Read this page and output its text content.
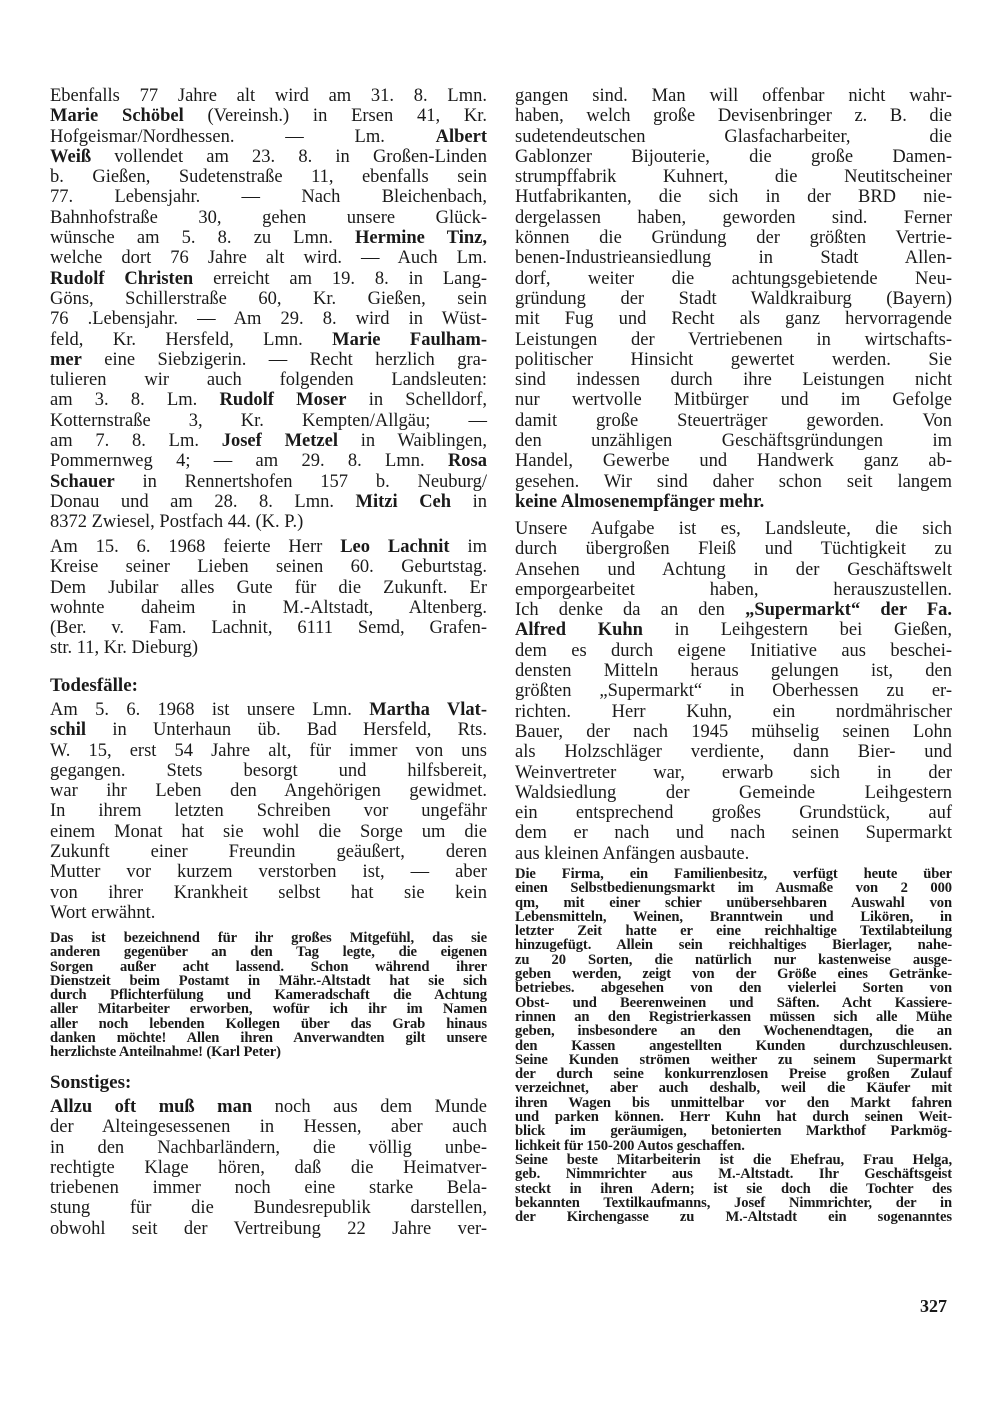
Ebenfalls 77 Jahre alt wird am 31. 8. Lmn.
Marie Schöbel (Vereinsh.) in Ersen 41, Kr.
Hofgeismar/Nordhessen. — Lm. Albert
Weiß vollendet am 23. 8. in Großen-Linden
b. Gießen, Sudetenstraße 11, ebenfalls sein
77. Lebensjahr. — Nach Bleichenbach,
Bahnhofstraße 30, gehen unsere Glück-
wünsche am 5. 8. zu Lmn. Hermine Tinz,
welche dort 76 Jahre alt wird. — Auch Lm.
Rudolf Christen erreicht am 19. 8. in Lang-
Göns, Schillerstraße 60, Kr. Gießen, sein
76 .Lebensjahr. — Am 29. 8. wird in Wüst-
feld, Kr. Hersfeld, Lmn. Marie Faulham-
mer eine Siebzigerin. — Recht herzlich gra-
tulieren wir auch folgenden Landsleuten:
am 3. 8. Lm. Rudolf Moser in Schelldorf,
Kotternstraße 3, Kr. Kempten/Allgäu; —
am 7. 8. Lm. Josef Metzel in Waiblingen,
Pommernweg 4; — am 29. 8. Lmn. Rosa
Schauer in Rennertshofen 157 b. Neuburg/
Donau und am 28. 8. Lmn. Mitzi Ceh in
8372 Zwiesel, Postfach 44. (K. P.)
Am 15. 6. 1968 feierte Herr Leo Lachnit im
Kreise seiner Lieben seinen 60. Geburtstag.
Dem Jubilar alles Gute für die Zukunft. Er
wohnte daheim in M.-Altstadt, Altenberg.
(Ber. v. Fam. Lachnit, 6111 Semd, Grafen-
str. 11, Kr. Dieburg)
Todesfälle:
Am 5. 6. 1968 ist unsere Lmn. Martha Vlat-
schil in Unterhaun üb. Bad Hersfeld, Rts.
W. 15, erst 54 Jahre alt, für immer von uns
gegangen. Stets besorgt und hilfsbereit,
war ihr Leben den Angehörigen gewidmet.
In ihrem letzten Schreiben vor ungefähr
einem Monat hat sie wohl die Sorge um die
Zukunft einer Freundin geäußert, deren
Mutter vor kurzem verstorben ist, — aber
von ihrer Krankheit selbst hat sie kein
Wort erwähnt.
Das ist bezeichnend für ihr großes Mitgefühl, das sie
anderen gegenüber an den Tag legte, die eigenen
Sorgen außer acht lassend. Schon während ihrer
Dienstzeit beim Postamt in Mähr.-Altstadt hat sie sich
durch Pflichterfülung und Kameradschaft die Achtung
aller Mitarbeiter erworben, wofür ich ihr im Namen
aller noch lebenden Kollegen über das Grab hinaus
danken möchte! Allen ihren Anverwandten gilt unsere
herzlichste Anteilnahme! (Karl Peter)
Sonstiges:
Allzu oft muß man noch aus dem Munde
der Alteingesessenen in Hessen, aber auch
in den Nachbarländern, die völlig unbe-
rechtigte Klage hören, daß die Heimatver-
triebenen immer noch eine starke Bela-
stung für die Bundesrepublik darstellen,
obwohl seit der Vertreibung 22 Jahre ver-
gangen sind. Man will offenbar nicht wahr-
haben, welch große Devisenbringer z. B. die
sudetendeutschen Glasfacharbeiter, die
Gablonzer Bijouterie, die große Damen-
strumpffabrik Kuhnert, die Neutitscheiner
Hutfabrikanten, die sich in der BRD nie-
dergelassen haben, geworden sind. Ferner
können die Gründung der größten Vertrie-
benen-Industrieansiedlung in Stadt Allen-
dorf, weiter die achtungsgebietende Neu-
gründung der Stadt Waldkraiburg (Bayern)
mit Fug und Recht als ganz hervorragende
Leistungen der Vertriebenen in wirtschafts-
politischer Hinsicht gewertet werden. Sie
sind indessen durch ihre Leistungen nicht
nur wertvolle Mitbürger und im Gefolge
damit große Steuerträger geworden. Von
den unzähligen Geschäftsgründungen im
Handel, Gewerbe und Handwerk ganz ab-
gesehen. Wir sind daher schon seit langem
keine Almosenempfänger mehr.
Unsere Aufgabe ist es, Landsleute, die sich
durch übergroßen Fleiß und Tüchtigkeit zu
Ansehen und Achtung in der Geschäftswelt
emporgearbeitet haben, herauszustellen.
Ich denke da an den „Supermarkt“ der Fa.
Alfred Kuhn in Leihgestern bei Gießen,
dem es durch eigene Initiative aus beschei-
densten Mitteln heraus gelungen ist, den
größten „Supermarkt“ in Oberhessen zu er-
richten. Herr Kuhn, ein nordmährischer
Bauer, der nach 1945 mühselig seinen Lohn
als Holzschläger verdiente, dann Bier- und
Weinvertreter war, erwarb sich in der
Waldsiedlung der Gemeinde Leihgestern
ein entsprechend großes Grundstück, auf
dem er nach und nach seinen Supermarkt
aus kleinen Anfängen ausbaute.
Die Firma, ein Familienbesitz, verfügt heute über
einen Selbstbedienungsmarkt im Ausmaße von 2 000
qm, mit einer schier unübersehbaren Auswahl von
Lebensmitteln, Weinen, Branntwein und Likören, in
letzter Zeit hatte er eine reichhaltige Textilabteilung
hinzugefügt. Allein sein reichhaltiges Bierlager, nahe-
zu 20 Sorten, die natürlich nur kastenweise ausge-
geben werden, zeigt von der Größe eines Getränke-
betriebes. abgesehen von den vielerlei Sorten von
Obst- und Beerenweinen und Säften. Acht Kassiere-
rinnen an den Registrierkassen müssen sich alle Mühe
geben, insbesondere an den Wochenendtagen, die an
den Kassen angestellten Kunden durchzuschleusen.
Seine Kunden strömen weither zu seinem Supermarkt
der durch seine konkurrenzlosen Preise großen Zulauf
verzeichnet, aber auch deshalb, weil die Käufer mit
ihren Wagen bis unmittelbar vor den Markt fahren
und parken können. Herr Kuhn hat durch seinen Weit-
blick im geräumigen, betonierten Markthof Parkmög-
lichkeit für 150-200 Autos geschaffen.
Seine beste Mitarbeiterin ist die Ehefrau, Frau Helga,
geb. Nimmrichter aus M.-Altstadt. Ihr Geschäftsgeist
steckt in ihren Adern; ist sie doch die Tochter des
bekannten Textilkaufmanns, Josef Nimmrichter, der in
der Kirchengasse zu M.-Altstadt ein sogenanntes
327
